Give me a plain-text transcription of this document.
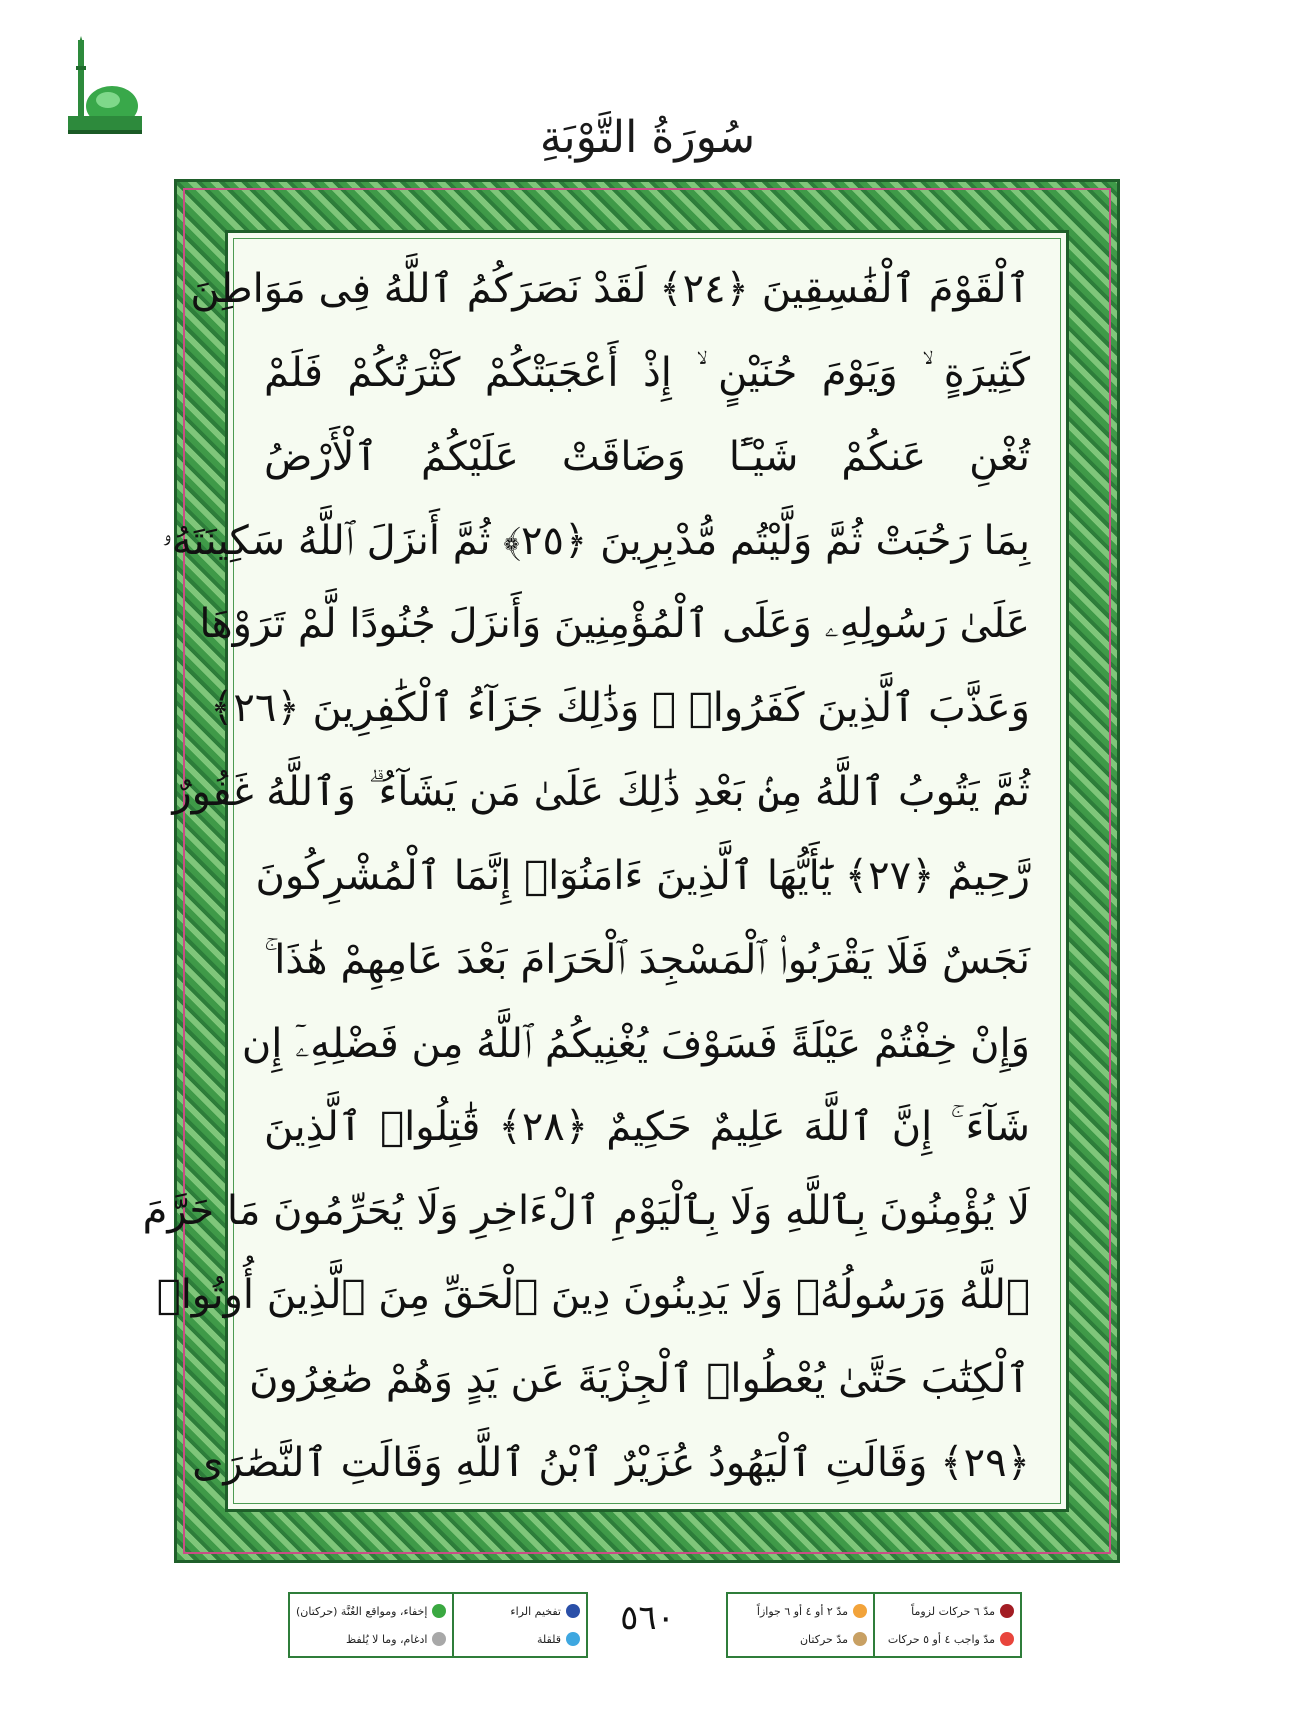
سُورَةُ التَّوْبَةِ
ٱلْقَوْمَ ٱلْفَٰسِقِينَ ﴿٢٤﴾ لَقَدْ نَصَرَكُمُ ٱللَّهُ فِى مَوَاطِنَ
كَثِيرَةٍ ۙ وَيَوْمَ حُنَيْنٍ ۙ إِذْ أَعْجَبَتْكُمْ كَثْرَتُكُمْ فَلَمْ
تُغْنِ عَنكُمْ شَيْـًٔا وَضَاقَتْ عَلَيْكُمُ ٱلْأَرْضُ
بِمَا رَحُبَتْ ثُمَّ وَلَّيْتُم مُّدْبِرِينَ ﴿٢٥﴾ ثُمَّ أَنزَلَ ٱللَّهُ سَكِينَتَهُۥ
عَلَىٰ رَسُولِهِۦ وَعَلَى ٱلْمُؤْمِنِينَ وَأَنزَلَ جُنُودًا لَّمْ تَرَوْهَا
وَعَذَّبَ ٱلَّذِينَ كَفَرُوا۟ ۚ وَذَٰلِكَ جَزَآءُ ٱلْكَٰفِرِينَ ﴿٢٦﴾
ثُمَّ يَتُوبُ ٱللَّهُ مِنۢ بَعْدِ ذَٰلِكَ عَلَىٰ مَن يَشَآءُ ۗ وَٱللَّهُ غَفُورٌ
رَّحِيمٌ ﴿٢٧﴾ يَٰٓأَيُّهَا ٱلَّذِينَ ءَامَنُوٓا۟ إِنَّمَا ٱلْمُشْرِكُونَ
نَجَسٌ فَلَا يَقْرَبُوا۟ ٱلْمَسْجِدَ ٱلْحَرَامَ بَعْدَ عَامِهِمْ هَٰذَا ۚ
وَإِنْ خِفْتُمْ عَيْلَةً فَسَوْفَ يُغْنِيكُمُ ٱللَّهُ مِن فَضْلِهِۦٓ إِن
شَآءَ ۚ إِنَّ ٱللَّهَ عَلِيمٌ حَكِيمٌ ﴿٢٨﴾ قَٰتِلُوا۟ ٱلَّذِينَ
لَا يُؤْمِنُونَ بِٱللَّهِ وَلَا بِٱلْيَوْمِ ٱلْءَاخِرِ وَلَا يُحَرِّمُونَ مَا حَرَّمَ
ٱللَّهُ وَرَسُولُهُۥ وَلَا يَدِينُونَ دِينَ ٱلْحَقِّ مِنَ ٱلَّذِينَ أُوتُوا۟
ٱلْكِتَٰبَ حَتَّىٰ يُعْطُوا۟ ٱلْجِزْيَةَ عَن يَدٍ وَهُمْ صَٰغِرُونَ
﴿٢٩﴾ وَقَالَتِ ٱلْيَهُودُ عُزَيْرٌ ٱبْنُ ٱللَّهِ وَقَالَتِ ٱلنَّصَٰرَى
تفخيم الراء
قلقلة
إخفاء، ومواقع الغُنَّة (حركتان)
ادغام، وما لا يُلفظ
٥٦٠	مدّ ٦ حركات لزوماً
مدّ واجب ٤ أو ٥ حركات
مدّ ٢ أو ٤ أو ٦ جوازاً
مدّ حركتان
